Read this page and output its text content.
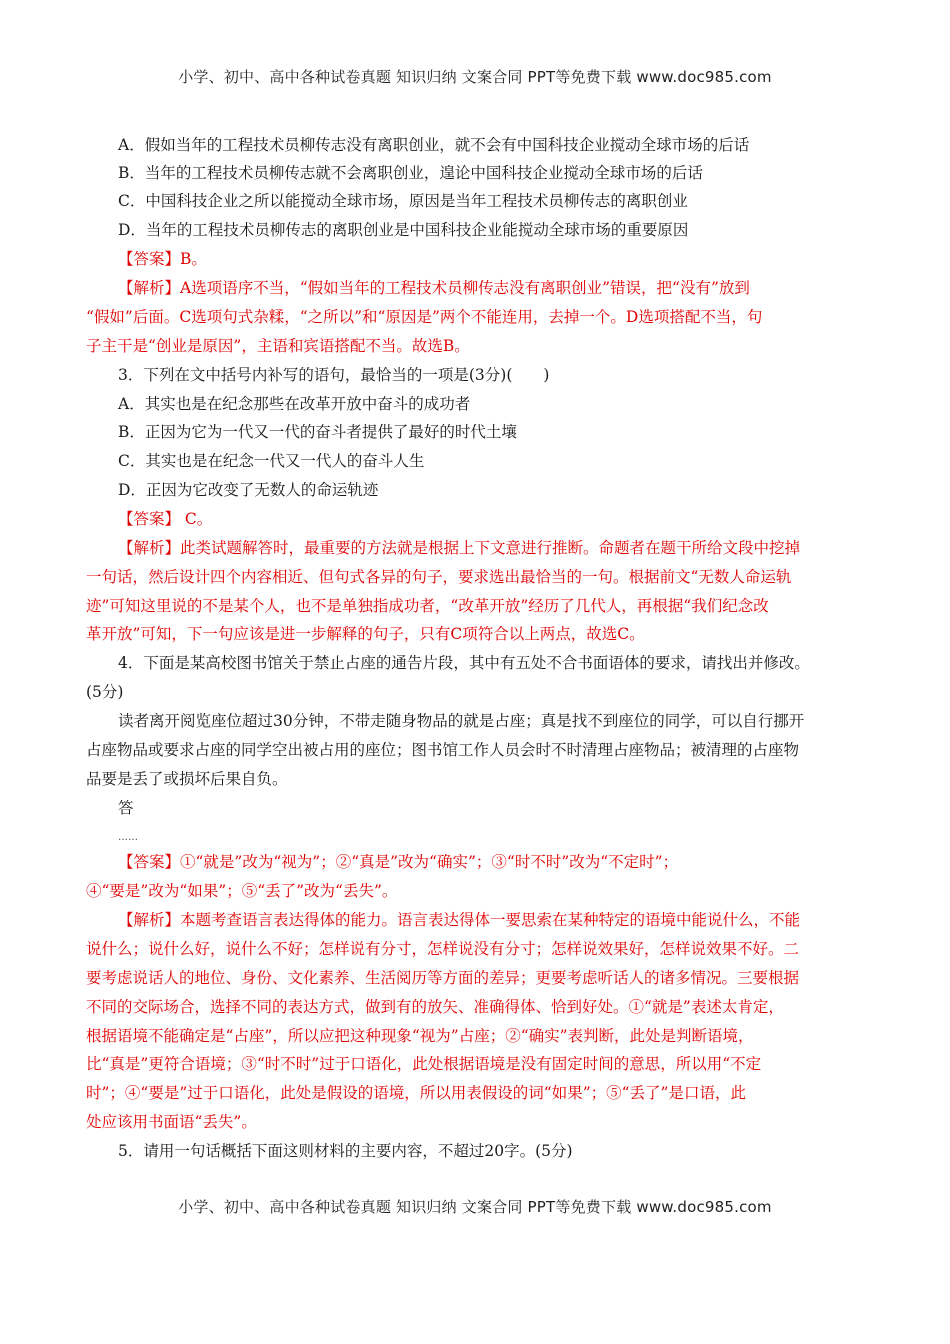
小学、初中、高中各种试卷真题 知识归纳 文案合同 PPT等免费下载 www.doc985.com
A．假如当年的工程技术员柳传志没有离职创业，就不会有中国科技企业搅动全球市场的后话
B．当年的工程技术员柳传志就不会离职创业，遑论中国科技企业搅动全球市场的后话
C．中国科技企业之所以能搅动全球市场，原因是当年工程技术员柳传志的离职创业
D．当年的工程技术员柳传志的离职创业是中国科技企业能搅动全球市场的重要原因
【答案】B。
【解析】A选项语序不当，“假如当年的工程技术员柳传志没有离职创业”错误，把“没有”放到
“假如”后面。C选项句式杂糅，“之所以”和“原因是”两个不能连用，去掉一个。D选项搭配不当，句
子主干是“创业是原因”，主语和宾语搭配不当。故选B。
3．下列在文中括号内补写的语句，最恰当的一项是(3分)(　　)
A．其实也是在纪念那些在改革开放中奋斗的成功者
B．正因为它为一代又一代的奋斗者提供了最好的时代土壤
C．其实也是在纪念一代又一代人的奋斗人生
D．正因为它改变了无数人的命运轨迹
【答案】 C。
【解析】此类试题解答时，最重要的方法就是根据上下文意进行推断。命题者在题干所给文段中挖掉
一句话，然后设计四个内容相近、但句式各异的句子，要求选出最恰当的一句。根据前文“无数人命运轨
迹”可知这里说的不是某个人，也不是单独指成功者，“改革开放”经历了几代人，再根据“我们纪念改
革开放”可知，下一句应该是进一步解释的句子，只有C项符合以上两点，故选C。
4．下面是某高校图书馆关于禁止占座的通告片段，其中有五处不合书面语体的要求，请找出并修改。
(5分)
读者离开阅览座位超过30分钟，不带走随身物品的就是占座；真是找不到座位的同学，可以自行挪开
占座物品或要求占座的同学空出被占用的座位；图书馆工作人员会时不时清理占座物品；被清理的占座物
品要是丢了或损坏后果自负。
答
……
【答案】①“就是”改为“视为”；②“真是”改为“确实”；③“时不时”改为“不定时”；
④“要是”改为“如果”；⑤“丢了”改为“丢失”。
【解析】本题考查语言表达得体的能力。语言表达得体一要思索在某种特定的语境中能说什么，不能
说什么；说什么好，说什么不好；怎样说有分寸，怎样说没有分寸；怎样说效果好，怎样说效果不好。二
要考虑说话人的地位、身份、文化素养、生活阅历等方面的差异；更要考虑听话人的诸多情况。三要根据
不同的交际场合，选择不同的表达方式，做到有的放矢、准确得体、恰到好处。①“就是”表述太肯定，
根据语境不能确定是“占座”，所以应把这种现象“视为”占座；②“确实”表判断，此处是判断语境，
比“真是”更符合语境；③“时不时”过于口语化，此处根据语境是没有固定时间的意思，所以用“不定
时”；④“要是”过于口语化，此处是假设的语境，所以用表假设的词“如果”；⑤“丢了”是口语，此
处应该用书面语“丢失”。
5．请用一句话概括下面这则材料的主要内容，不超过20字。(5分)
小学、初中、高中各种试卷真题 知识归纳 文案合同 PPT等免费下载 www.doc985.com
